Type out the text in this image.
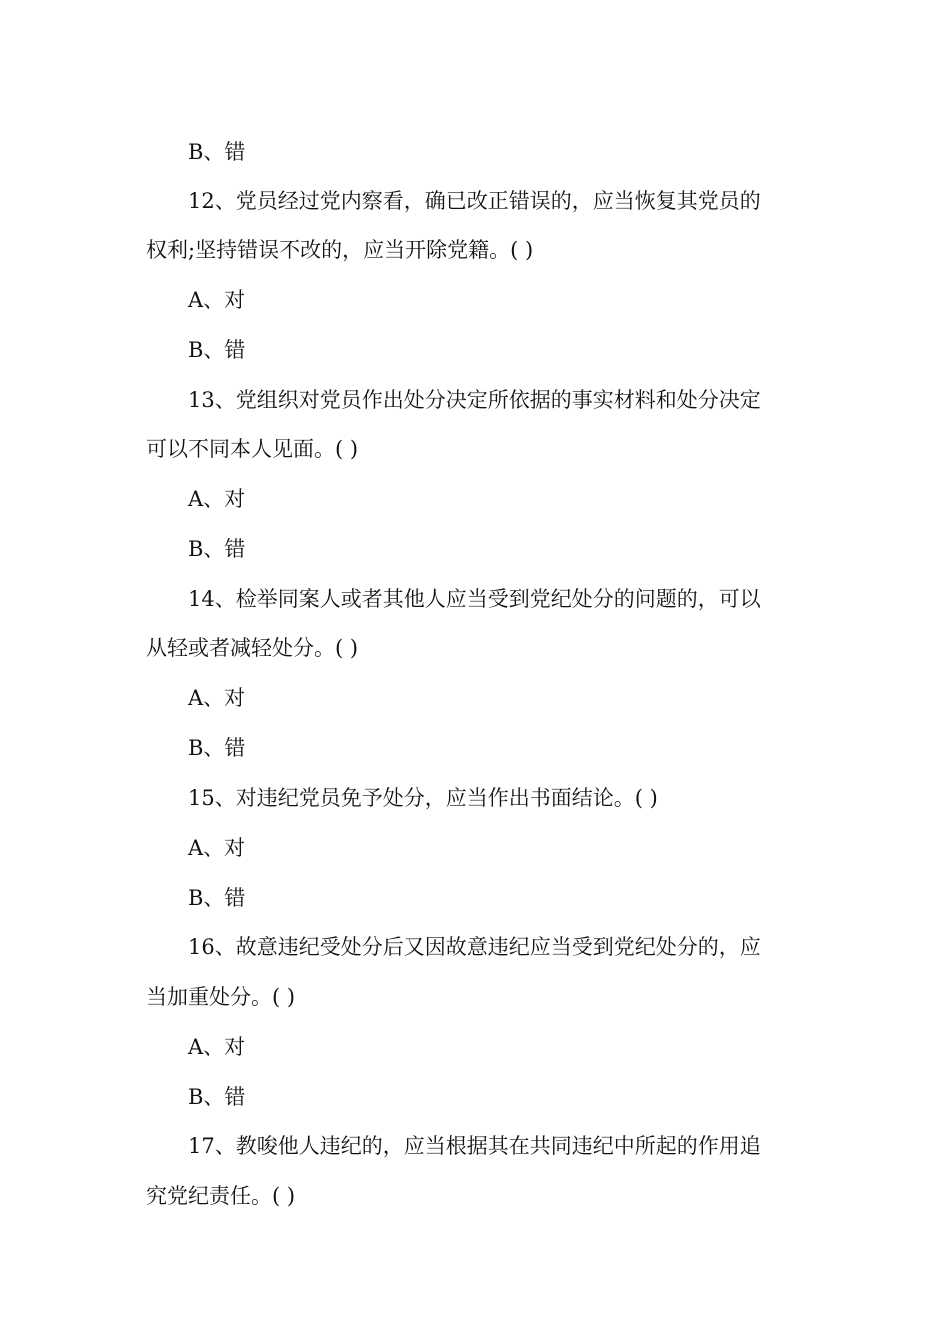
B、错
12、党员经过党内察看，确已改正错误的，应当恢复其党员的
权利;坚持错误不改的，应当开除党籍。( )
A、对
B、错
13、党组织对党员作出处分决定所依据的事实材料和处分决定
可以不同本人见面。( )
A、对
B、错
14、检举同案人或者其他人应当受到党纪处分的问题的，可以
从轻或者减轻处分。( )
A、对
B、错
15、对违纪党员免予处分，应当作出书面结论。( )
A、对
B、错
16、故意违纪受处分后又因故意违纪应当受到党纪处分的，应
当加重处分。( )
A、对
B、错
17、教唆他人违纪的，应当根据其在共同违纪中所起的作用追
究党纪责任。( )
